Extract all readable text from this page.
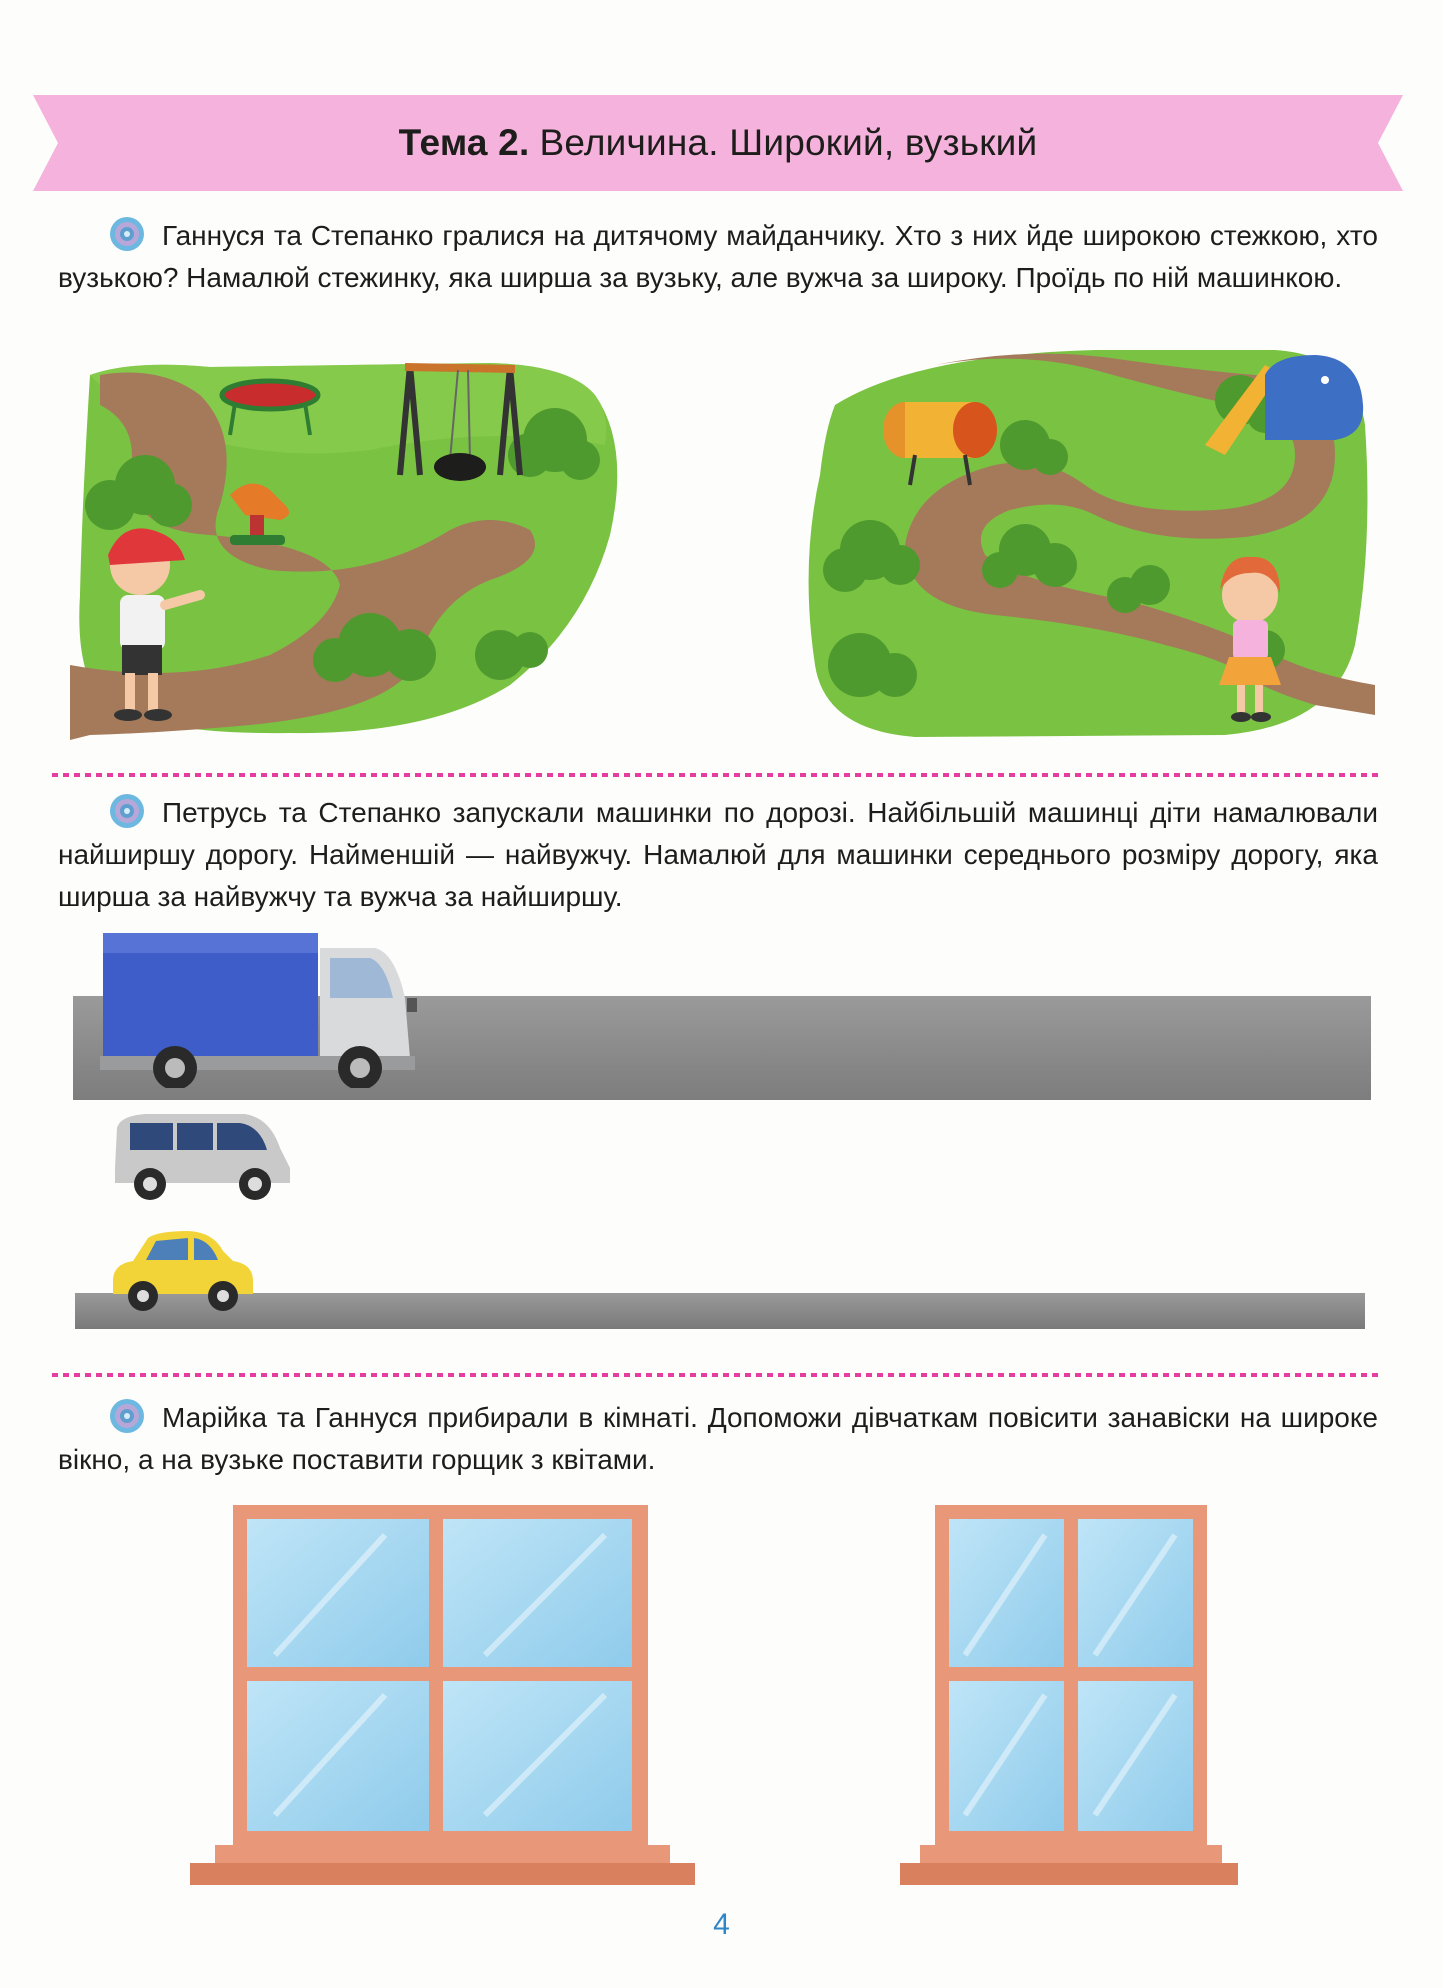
Тема 2. Величина. Широкий, вузький
Ганнуся та Степанко гралися на дитячому майданчику. Хто з них йде широкою стежкою, хто вузькою? Намалюй стежинку, яка ширша за вузьку, але вужча за широку. Проїдь по ній машинкою.
Петрусь та Степанко запускали машинки по дорозі. Найбільшій машинці діти намалювали найширшу дорогу. Найменшій — найвужчу. Намалюй для машинки середнього розміру дорогу, яка ширша за найвужчу та вужча за найширшу.
Марійка та Ганнуся прибирали в кімнаті. Допоможи дівчаткам повісити занавіски на широке вікно, а на вузьке поставити горщик з квітами.
4
